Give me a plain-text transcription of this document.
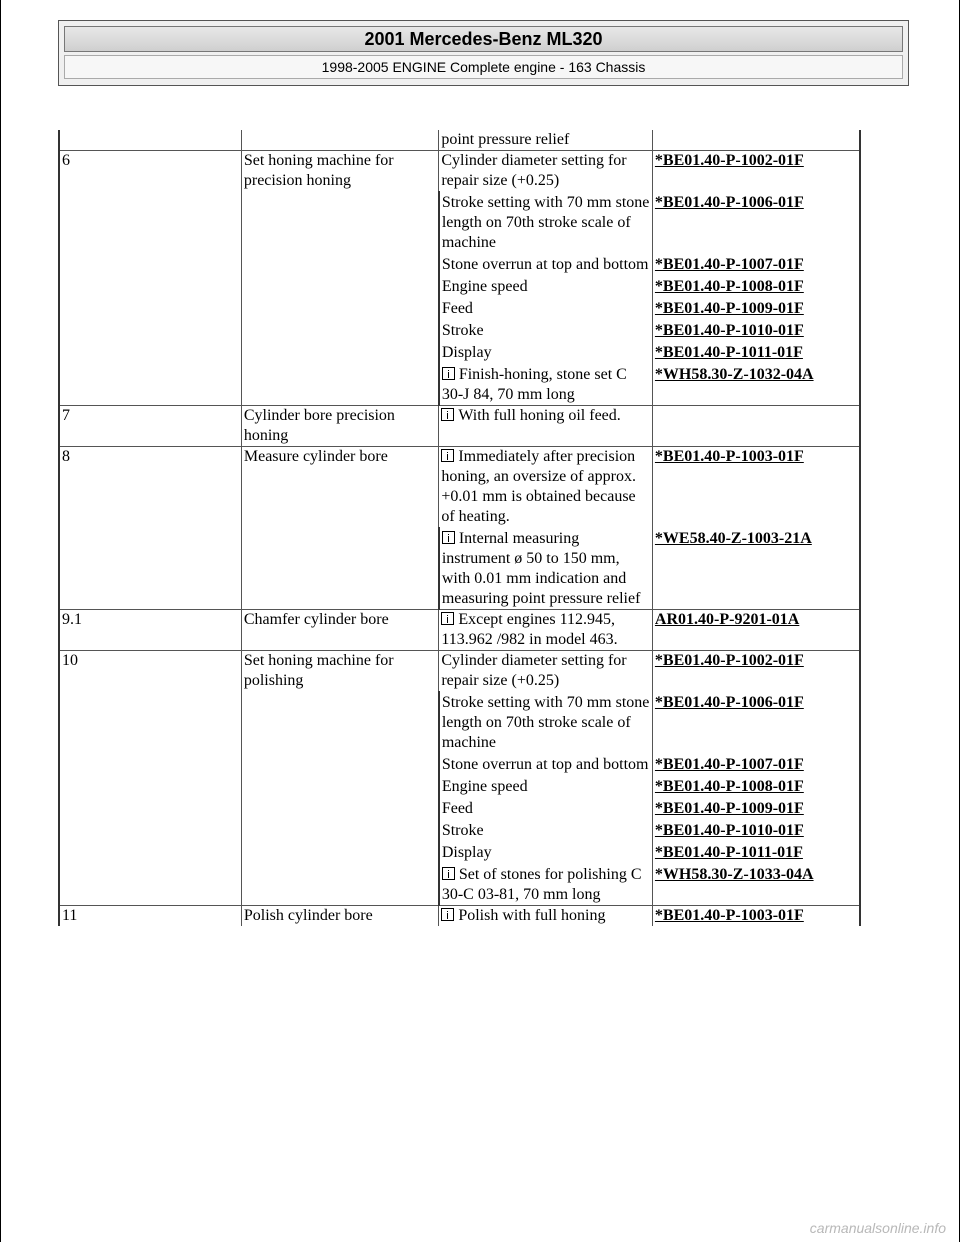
2001 Mercedes-Benz ML320
1998-2005 ENGINE Complete engine - 163 Chassis
		point pressure relief	
6	Set honing machine for precision honing	Cylinder diameter setting for repair size (+0.25)	*BE01.40-P-1002-01F
		Stroke setting with 70 mm stone length on 70th stroke scale of machine	*BE01.40-P-1006-01F
		Stone overrun at top and bottom	*BE01.40-P-1007-01F
		Engine speed	*BE01.40-P-1008-01F
		Feed	*BE01.40-P-1009-01F
		Stroke	*BE01.40-P-1010-01F
		Display	*BE01.40-P-1011-01F
		Finish-honing, stone set C 30-J 84, 70 mm long	*WH58.30-Z-1032-04A
7	Cylinder bore precision honing	With full honing oil feed.	
8	Measure cylinder bore	Immediately after precision honing, an oversize of approx. +0.01 mm is obtained because of heating.	*BE01.40-P-1003-01F
		Internal measuring instrument ø 50 to 150 mm, with 0.01 mm indication and measuring point pressure relief	*WE58.40-Z-1003-21A
9.1	Chamfer cylinder bore	Except engines 112.945, 113.962 /982 in model 463.	AR01.40-P-9201-01A
10	Set honing machine for polishing	Cylinder diameter setting for repair size (+0.25)	*BE01.40-P-1002-01F
		Stroke setting with 70 mm stone length on 70th stroke scale of machine	*BE01.40-P-1006-01F
		Stone overrun at top and bottom	*BE01.40-P-1007-01F
		Engine speed	*BE01.40-P-1008-01F
		Feed	*BE01.40-P-1009-01F
		Stroke	*BE01.40-P-1010-01F
		Display	*BE01.40-P-1011-01F
		Set of stones for polishing C 30-C 03-81, 70 mm long	*WH58.30-Z-1033-04A
11	Polish cylinder bore	Polish with full honing	*BE01.40-P-1003-01F
carmanualsonline.info
